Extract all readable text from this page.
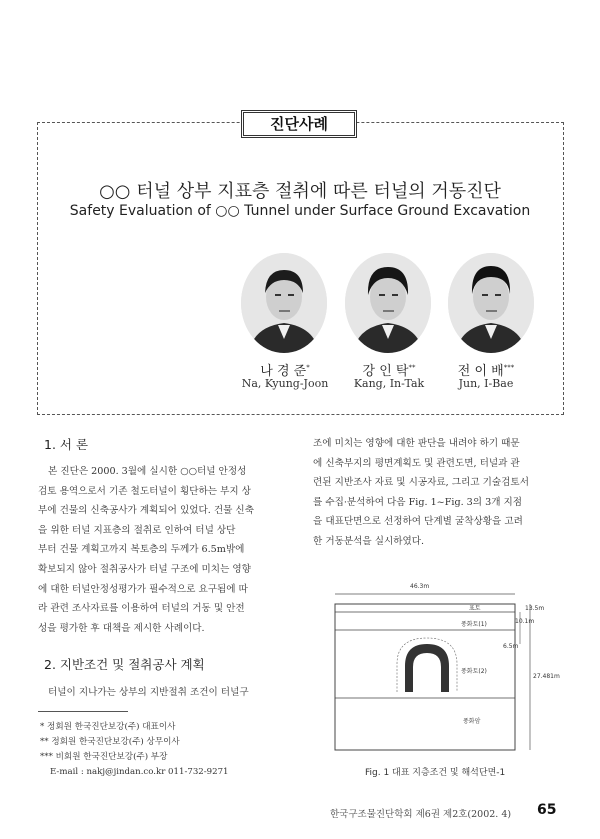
진단사례
○○ 터널 상부 지표층 절취에 따른 터널의 거동진단
Safety Evaluation of ○○ Tunnel under Surface Ground Excavation
나 경 준*
Na, Kyung-Joon
강 인 탁**
Kang, In-Tak
전 이 배***
Jun, I-Bae
1. 서 론
본 진단은 2000. 3월에 실시한 ○○터널 안정성
검토 용역으로서 기존 철도터널이 횡단하는 부지 상
부에 건물의 신축공사가 계획되어 있었다. 건물 신축
을 위한 터널 지표층의 절취로 인하여 터널 상단
부터 건물 계획고까지 복토층의 두께가 6.5m밖에
확보되지 않아 절취공사가 터널 구조에 미치는 영향
에 대한 터널안정성평가가 필수적으로 요구됨에 따
라 관련 조사자료를 이용하여 터널의 거동 및 안전
성을 평가한 후 대책을 제시한 사례이다.
2. 지반조건 및 절취공사 계획
터널이 지나가는 상부의 지반절취 조건이 터널구
* 정회원 한국진단보강(주) 대표이사
** 정회원 한국진단보강(주) 상무이사
*** 비회원 한국진단보강(주) 부장
E-mail : nakj@jindan.co.kr 011-732-9271
조에 미치는 영향에 대한 판단을 내려야 하기 때문
에 신축부지의 평면계획도 및 관련도면, 터널과 관
련된 지반조사 자료 및 시공자료, 그리고 기술검토서
를 수집·분석하여 다음 Fig. 1~Fig. 3의 3개 지점
을 대표단면으로 선정하여 단계별 굴착상황을 고려
한 거동분석을 실시하였다.
46.3m
표토
풍화토(1)
풍화토(2)
풍화암
13.5m
10.1m
6.5m
27.481m
Fig. 1 대표 지층조건 및 해석단면-1
한국구조물진단학회 제6권 제2호(2002. 4) 65
